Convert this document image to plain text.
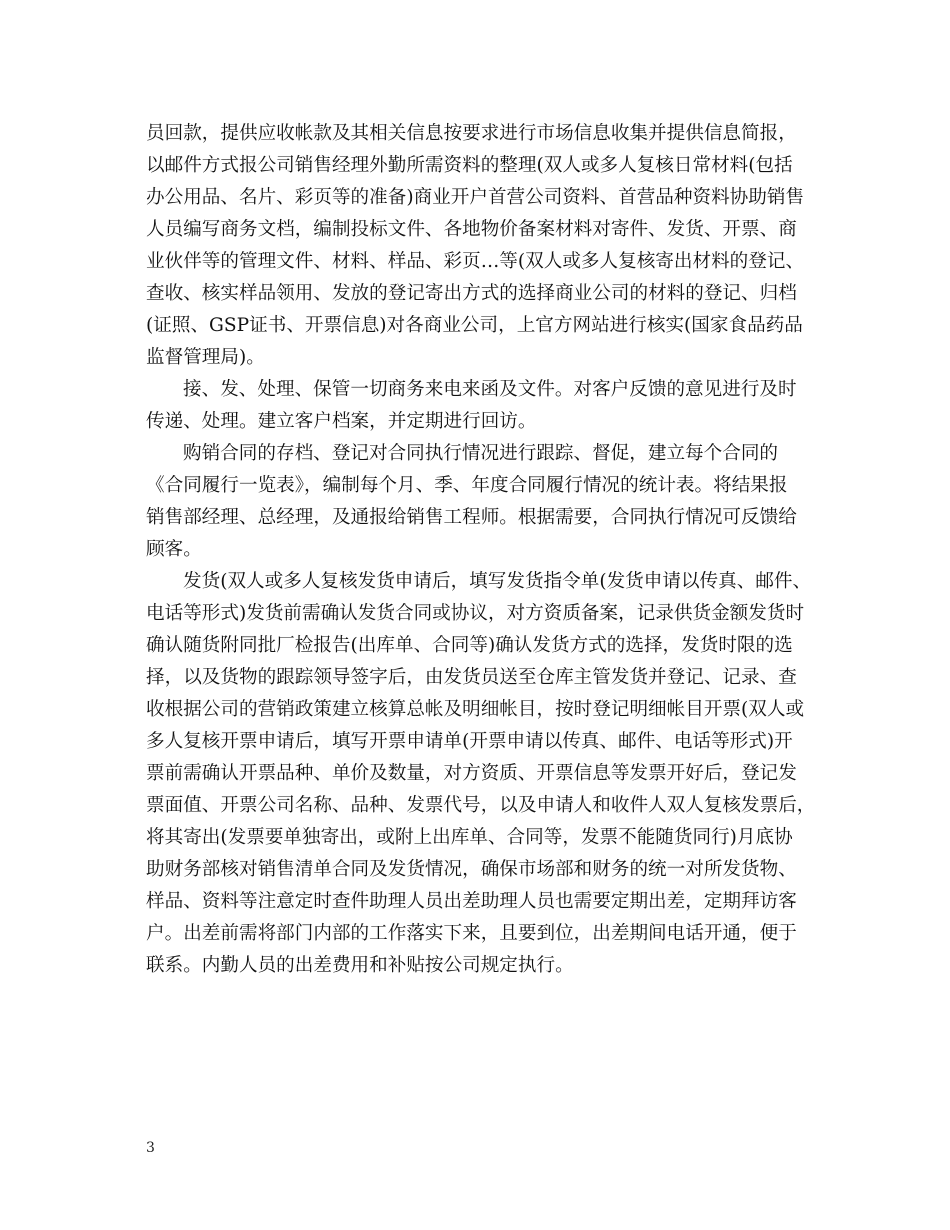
员回款，提供应收帐款及其相关信息按要求进行市场信息收集并提供信息简报，
以邮件方式报公司销售经理外勤所需资料的整理(双人或多人复核日常材料(包括
办公用品、名片、彩页等的准备)商业开户首营公司资料、首营品种资料协助销售
人员编写商务文档，编制投标文件、各地物价备案材料对寄件、发货、开票、商
业伙伴等的管理文件、材料、样品、彩页…等(双人或多人复核寄出材料的登记、
查收、核实样品领用、发放的登记寄出方式的选择商业公司的材料的登记、归档
(证照、GSP证书、开票信息)对各商业公司，上官方网站进行核实(国家食品药品
监督管理局)。
接、发、处理、保管一切商务来电来函及文件。对客户反馈的意见进行及时
传递、处理。建立客户档案，并定期进行回访。
购销合同的存档、登记对合同执行情况进行跟踪、督促，建立每个合同的
《合同履行一览表》，编制每个月、季、年度合同履行情况的统计表。将结果报
销售部经理、总经理，及通报给销售工程师。根据需要，合同执行情况可反馈给
顾客。
发货(双人或多人复核发货申请后，填写发货指令单(发货申请以传真、邮件、
电话等形式)发货前需确认发货合同或协议，对方资质备案，记录供货金额发货时
确认随货附同批厂检报告(出库单、合同等)确认发货方式的选择，发货时限的选
择，以及货物的跟踪领导签字后，由发货员送至仓库主管发货并登记、记录、查
收根据公司的营销政策建立核算总帐及明细帐目，按时登记明细帐目开票(双人或
多人复核开票申请后，填写开票申请单(开票申请以传真、邮件、电话等形式)开
票前需确认开票品种、单价及数量，对方资质、开票信息等发票开好后，登记发
票面值、开票公司名称、品种、发票代号，以及申请人和收件人双人复核发票后，
将其寄出(发票要单独寄出，或附上出库单、合同等，发票不能随货同行)月底协
助财务部核对销售清单合同及发货情况，确保市场部和财务的统一对所发货物、
样品、资料等注意定时查件助理人员出差助理人员也需要定期出差，定期拜访客
户。出差前需将部门内部的工作落实下来，且要到位，出差期间电话开通，便于
联系。内勤人员的出差费用和补贴按公司规定执行。
3
